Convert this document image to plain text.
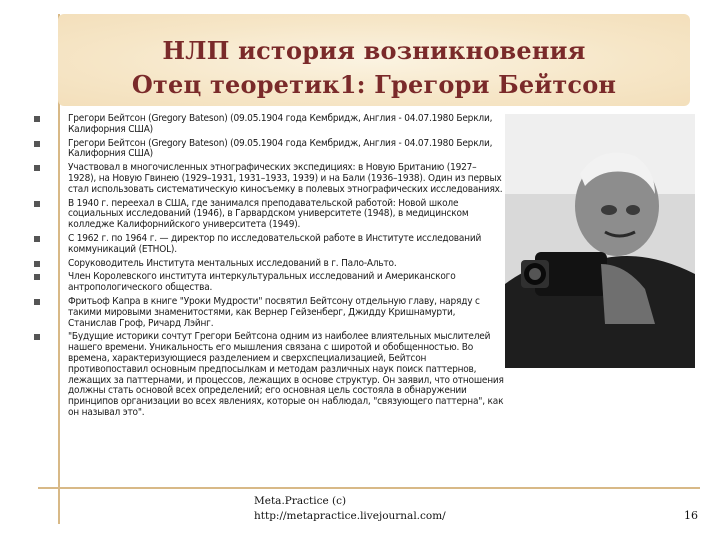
НЛП история возникновения
Отец теоретик1: Грегори Бейтсон
Грегори Бейтсон (Gregory Bateson) (09.05.1904 года Кембридж, Англия - 04.07.1980 Беркли, Калифорния США)
Грегори Бейтсон (Gregory Bateson) (09.05.1904 года Кембридж, Англия - 04.07.1980 Беркли, Калифорния США)
Участвовал в многочисленных этнографических экспедициях: в Новую Британию (1927–1928), на Новую Гвинею (1929–1931, 1931–1933, 1939) и на Бали (1936–1938). Один из первых стал использовать систематическую киносъемку в полевых этнографических исследованиях.
В 1940 г. переехал в США, где занимался преподавательской работой: Новой школе социальных исследований (1946), в Гарвардском университете (1948), в медицинском колледже Калифорнийского университета (1949).
С 1962 г. по 1964 г. — директор по исследовательской работе в Институте исследований коммуникаций (ETHOL).
Соруководитель Института ментальных исследований в г. Пало-Альто.
Член Королевского института интеркультуральных исследований и Американского антропологического общества.
Фритьоф Капра в книге "Уроки Мудрости" посвятил Бейтсону отдельную главу, наряду с такими мировыми знаменитостями, как Вернер Гейзенберг, Джидду Кришнамурти, Станислав Гроф, Ричард Лэйнг.
"Будущие историки сочтут Грегори Бейтсона одним из наиболее влиятельных мыслителей нашего времени. Уникальность его мышления связана с широтой и обобщенностью. Во времена, характеризующиеся разделением и сверхспециализацией, Бейтсон противопоставил основным предпосылкам и методам различных наук поиск паттернов, лежащих за паттернами, и процессов, лежащих в основе структур. Он заявил, что отношения должны стать основой всех определений; его основная цель состояла в обнаружении принципов организации во всех явлениях, которые он наблюдал, "связующего паттерна", как он называл это".
Meta.Practice (c)
http://metapractice.livejournal.com/	16
